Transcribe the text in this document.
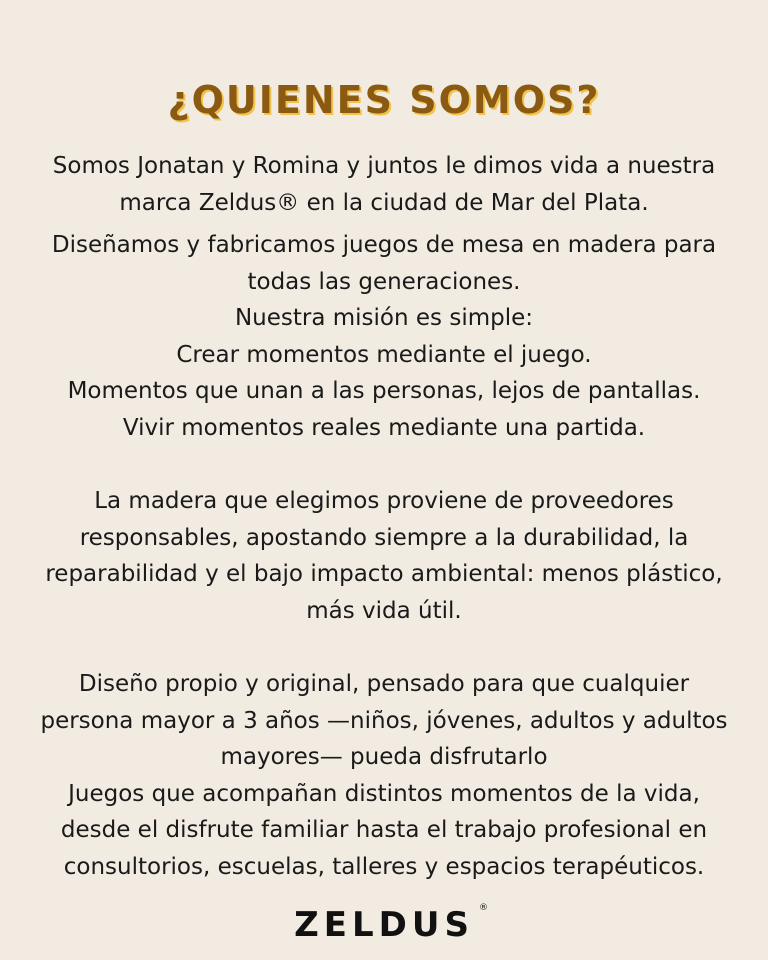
¿QUIENES SOMOS?

Somos Jonatan y Romina y juntos le dimos vida a nuestra marca Zeldus® en la ciudad de Mar del Plata.

Diseñamos y fabricamos juegos de mesa en madera para todas las generaciones.

Nuestra misión es simple:

Crear momentos mediante el juego.

Momentos que unan a las personas, lejos de pantallas.

Vivir momentos reales mediante una partida.

La madera que elegimos proviene de proveedores responsables, apostando siempre a la durabilidad, la reparabilidad y el bajo impacto ambiental: menos plástico, más vida útil.

Diseño propio y original, pensado para que cualquier persona mayor a 3 años —niños, jóvenes, adultos y adultos mayores— pueda disfrutarlo

Juegos que acompañan distintos momentos de la vida, desde el disfrute familiar hasta el trabajo profesional en consultorios, escuelas, talleres y espacios terapéuticos.

ZELDUS ®
